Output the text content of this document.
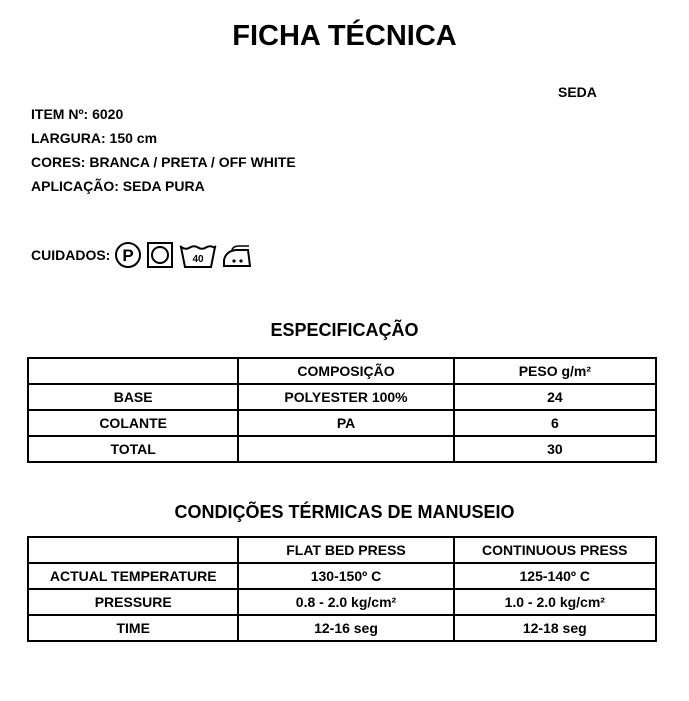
FICHA TÉCNICA
SEDA
ITEM Nº: 6020
LARGURA: 150 cm
CORES: BRANCA / PRETA / OFF WHITE
APLICAÇÃO: SEDA PURA
CUIDADOS: P	40
ESPECIFICAÇÃO
	COMPOSIÇÃO	PESO g/m²
BASE	POLYESTER 100%	24
COLANTE	PA	6
TOTAL		30
CONDIÇÕES TÉRMICAS DE MANUSEIO
	FLAT BED PRESS	CONTINUOUS PRESS
ACTUAL TEMPERATURE	130-150º C	125-140º C
PRESSURE	0.8 - 2.0 kg/cm²	1.0 - 2.0 kg/cm²
TIME	12-16 seg	12-18 seg
